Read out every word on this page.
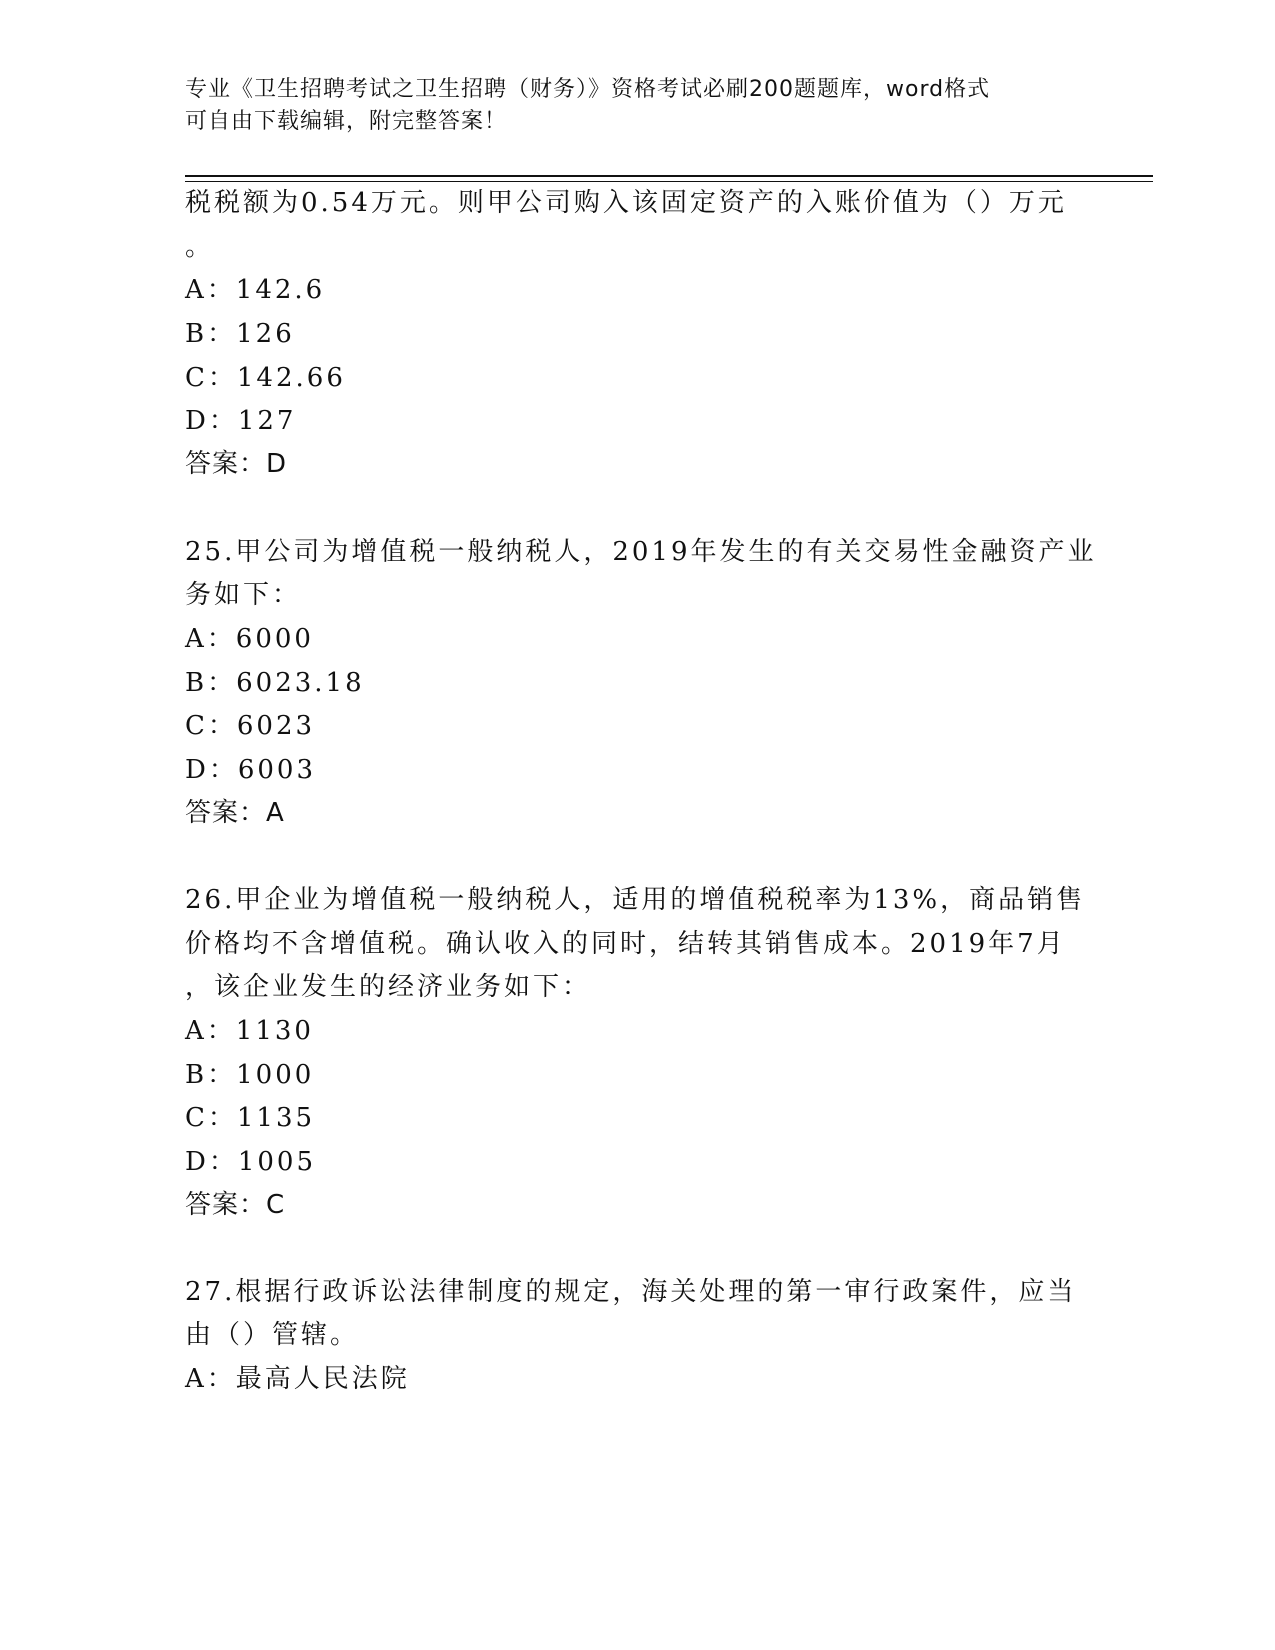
专业《卫生招聘考试之卫生招聘（财务）》资格考试必刷200题题库，word格式
可自由下载编辑，附完整答案！
税税额为0.54万元。则甲公司购入该固定资产的入账价值为（）万元
。
A：142.6
B：126
C：142.66
D：127
答案：D
25.甲公司为增值税一般纳税人，2019年发生的有关交易性金融资产业
务如下：
A：6000
B：6023.18
C：6023
D：6003
答案：A
26.甲企业为增值税一般纳税人，适用的增值税税率为13%，商品销售
价格均不含增值税。确认收入的同时，结转其销售成本。2019年7月
，该企业发生的经济业务如下：
A：1130
B：1000
C：1135
D：1005
答案：C
27.根据行政诉讼法律制度的规定，海关处理的第一审行政案件，应当
由（）管辖。
A：最高人民法院
